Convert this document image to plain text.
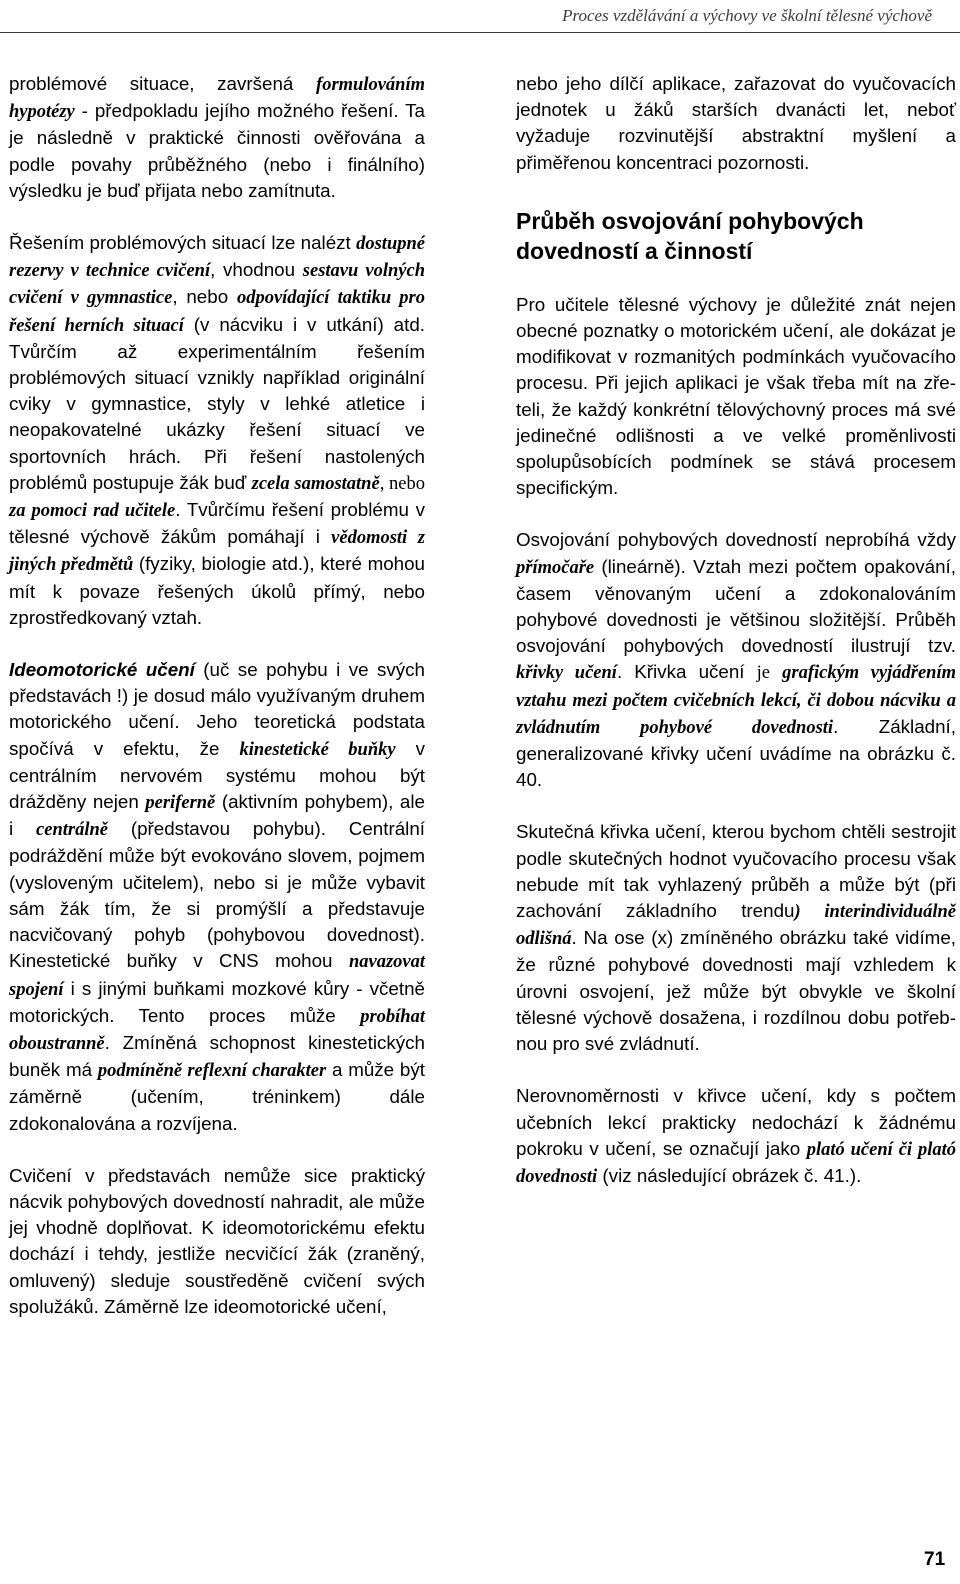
Proces vzdělávání a výchovy ve školní tělesné výchově

problémové situace, završená formulováním hypotézy - předpokladu jejího možného řešení. Ta je následně v praktické činnosti ověřována a podle povahy průběžného (nebo i finálního) výsledku je buď přijata nebo zamítnuta.

Řešením problémových situací lze nalézt dostupné rezervy v technice cvičení, vhodnou sestavu volných cvičení v gymnastice, nebo odpovídající taktiku pro řešení herních situací (v nácviku i v utkání) atd. Tvůrčím až experimentálním řešením problémových situací vznikly například originální cviky v gymnastice, styly v lehké atletice i neopakovatelné ukázky řešení situací ve sportovních hrách. Při řešení nastolených problémů postupuje žák buď zcela samostatně, nebo za pomoci rad učitele. Tvůrčímu řešení problému v tělesné výchově žákům pomáhají i vědomosti z jiných předmětů (fyziky, biologie atd.), které mohou mít k povaze řešených úkolů přímý, nebo zprostředkovaný vztah.

Ideomotorické učení (uč se pohybu i ve svých představách !) je dosud málo využívaným druhem motorického učení. Jeho teoretická podstata spočívá v efektu, že kinestetické buňky v centrálním nervovém systému mohou být drážděny nejen periferně (aktivním pohybem), ale i centrálně (představou pohybu). Centrální podráždění může být evokováno slovem, pojmem (vysloveným učitelem), nebo si je může vybavit sám žák tím, že si promýšlí a představuje nacvičovaný pohyb (pohybovou dovednost). Kinestetické buňky v CNS mohou navazovat spojení i s jinými buňkami mozkové kůry - včetně motorických. Tento proces může probíhat oboustranně. Zmíněná schopnost kinestetických buněk má podmíněně reflexní charakter a může být záměrně (učením, tréninkem) dále zdokonalována a rozvíjena.

Cvičení v představách nemůže sice praktický nácvik pohybových dovedností nahradit, ale může jej vhodně doplňovat. K ideomotorickému efektu dochází i tehdy, jestliže necvičící žák (zraněný, omluvený) sleduje soustředěně cvičení svých spolužáků. Záměrně lze ideomotorické učení,

nebo jeho dílčí aplikace, zařazovat do vyučovacích jednotek u žáků starších dvanácti let, neboť vyžaduje rozvinutější abstraktní myšlení a přiměřenou koncentraci pozornosti.

Průběh osvojování pohybových dovedností a činností

Pro učitele tělesné výchovy je důležité znát nejen obecné poznatky o motorickém učení, ale dokázat je modifikovat v rozmanitých podmínkách vyučovacího procesu. Při jejich aplikaci je však třeba mít na zřeteli, že každý konkrétní tělovýchovný proces má své jedinečné odlišnosti a ve velké proměnlivosti spolupůsobících podmínek se stává procesem specifickým.

Osvojování pohybových dovedností neprobíhá vždy přímočaře (lineárně). Vztah mezi počtem opakování, časem věnovaným učení a zdokonalováním pohybové dovednosti je většinou složitější. Průběh osvojování pohybových dovedností ilustrují tzv. křivky učení. Křivka učení je grafickým vyjádřením vztahu mezi počtem cvičebních lekcí, či dobou nácviku a zvládnutím pohybové dovednosti. Základní, generalizované křivky učení uvádíme na obrázku č. 40.

Skutečná křivka učení, kterou bychom chtěli sestrojit podle skutečných hodnot vyučovacího procesu však nebude mít tak vyhlazený průběh a může být (při zachování základního trendu) interindividuálně odlišná. Na ose (x) zmíněného obrázku také vidíme, že různé pohybové dovednosti mají vzhledem k úrovni osvojení, jež může být obvykle ve školní tělesné výchově dosažena, i rozdílnou dobu potřebnou pro své zvládnutí.

Nerovnoměrnosti v křivce učení, kdy s počtem učebních lekcí prakticky nedochází k žádnému pokroku v učení, se označují jako plató učení či plató dovednosti (viz následující obrázek č. 41.).

71
